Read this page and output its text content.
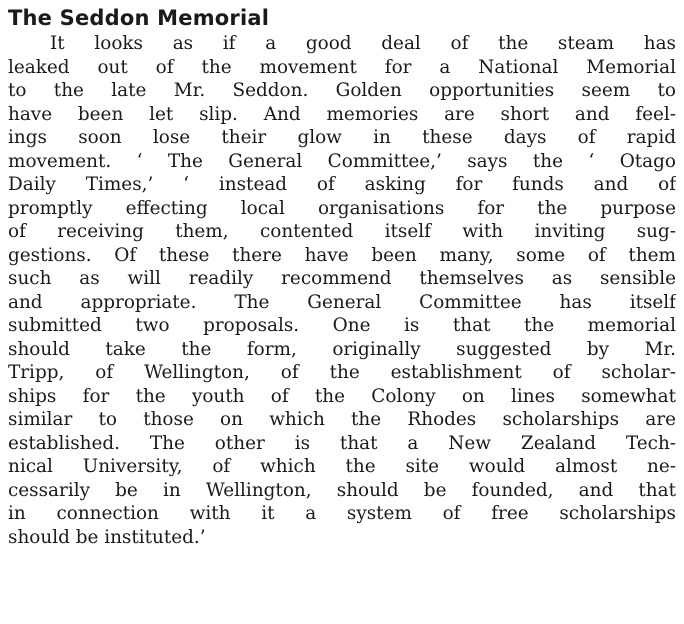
The Seddon Memorial
It looks as if a good deal of the steam has
leaked out of the movement for a National Memorial
to the late Mr. Seddon. Golden opportunities seem to
have been let slip. And memories are short and feel-
ings soon lose their glow in these days of rapid
movement. ‘ The General Committee,’ says the ‘ Otago
Daily Times,’ ‘ instead of asking for funds and of
promptly effecting local organisations for the purpose
of receiving them, contented itself with inviting sug-
gestions. Of these there have been many, some of them
such as will readily recommend themselves as sensible
and appropriate. The General Committee has itself
submitted two proposals. One is that the memorial
should take the form, originally suggested by Mr.
Tripp, of Wellington, of the establishment of scholar-
ships for the youth of the Colony on lines somewhat
similar to those on which the Rhodes scholarships are
established. The other is that a New Zealand Tech-
nical University, of which the site would almost ne-
cessarily be in Wellington, should be founded, and that
in connection with it a system of free scholarships
should be instituted.’
